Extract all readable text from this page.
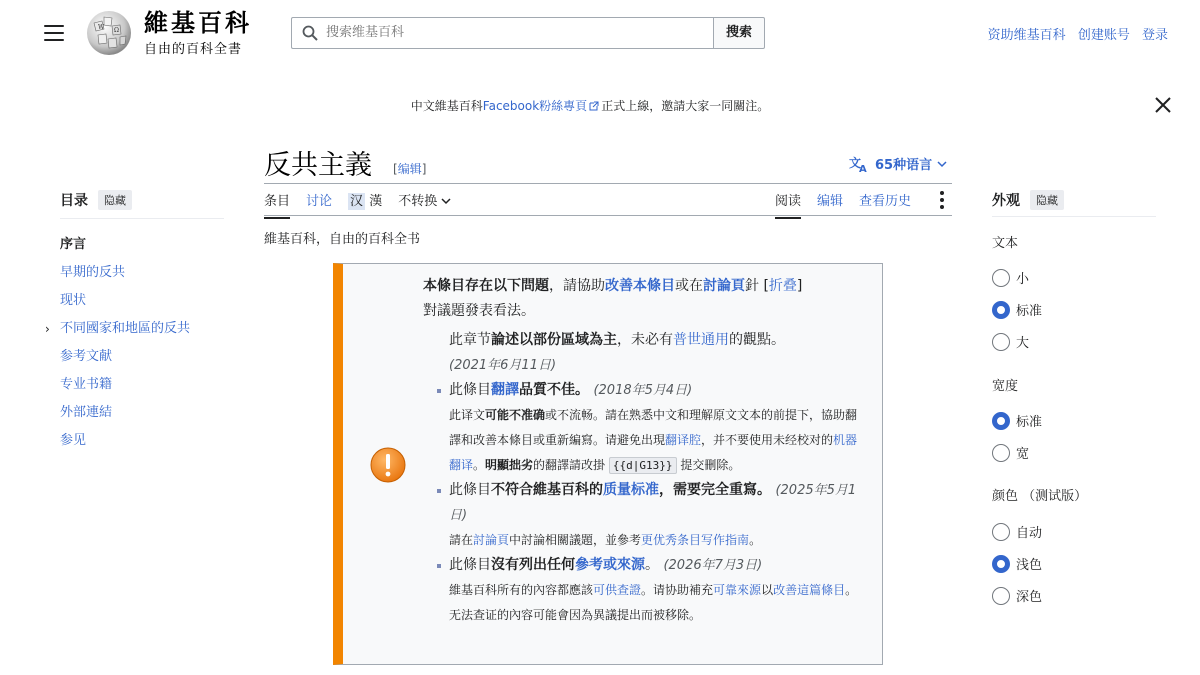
W Ω 維基百科
自由的百科全書
搜索维基百科
搜索	资助维基百科 创建账号 登录
中文維基百科Facebook粉絲專頁 正式上線，邀請大家一同關注。
目录	隐藏
序言
早期的反共
现状
› 不同國家和地區的反共
参考文献
专业书籍
外部連結
参见
反共主義 [编辑]	文
A 65种语言
条目 讨论 汉 漢 不转换	阅读 编辑 查看历史
維基百科，自由的百科全书
本條目存在以下問題，請協助改善本條目或在討論頁針 [折叠]
對議題發表看法。
此章节論述以部份區域為主，未必有普世通用的觀點。
(2021年6月11日)
此條目翻譯品質不佳。 (2018年5月4日)
此译文可能不准确或不流畅。請在熟悉中文和理解原文文本的前提下，協助翻譯和改善本條目或重新編寫。请避免出現翻译腔，并不要使用未经校对的机器翻译。明顯拙劣的翻譯請改掛 {{d|G13}} 提交刪除。
此條目不符合維基百科的质量标准，需要完全重寫。 (2025年5月1日)
請在討論頁中討論相關議題，並參考更优秀条目写作指南。
此條目沒有列出任何參考或來源。 (2026年7月3日)
維基百科所有的內容都應該可供查證。请协助補充可靠來源以改善這篇條目。无法查证的內容可能會因為異議提出而被移除。
外观	隐藏
文本
小
标准
大
宽度
标准
宽
颜色 （测试版）
自动
浅色
深色
